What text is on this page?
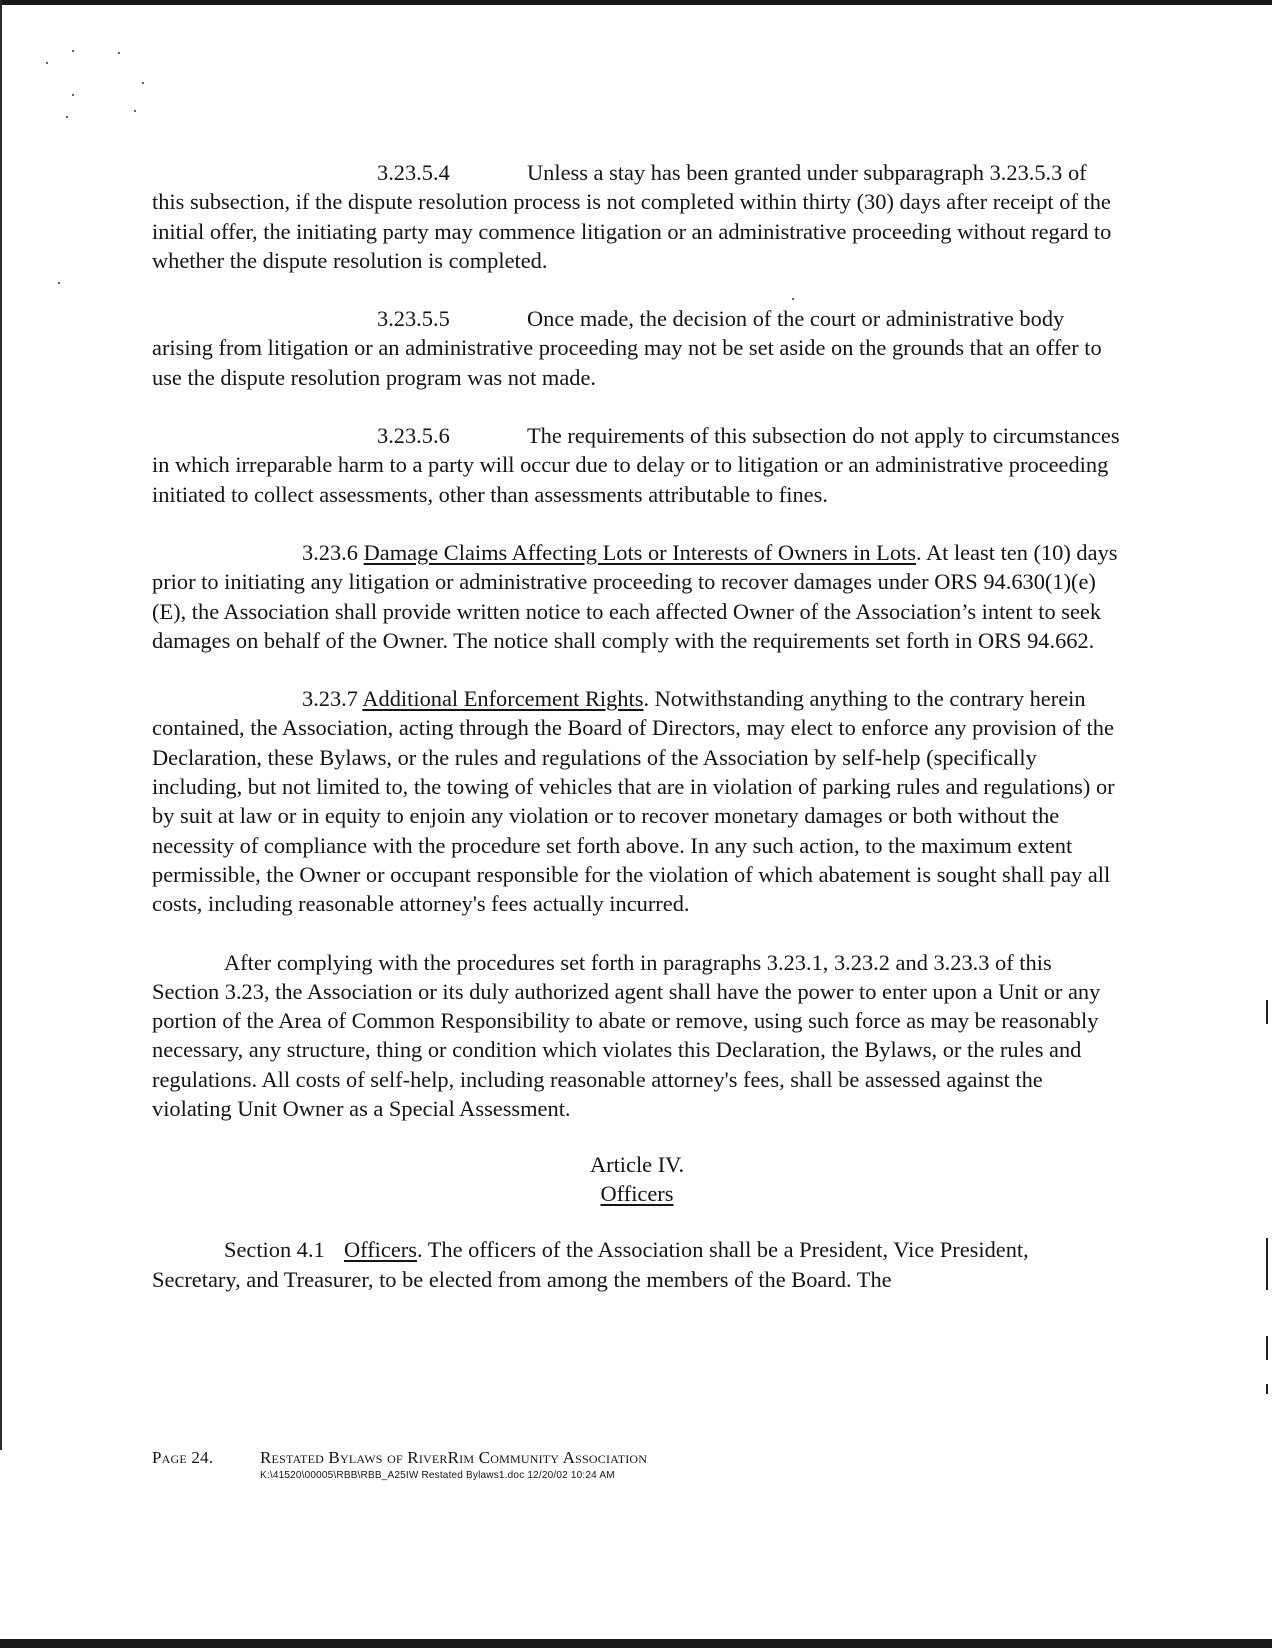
3.23.5.4	Unless a stay has been granted under subparagraph 3.23.5.3 of this subsection, if the dispute resolution process is not completed within thirty (30) days after receipt of the initial offer, the initiating party may commence litigation or an administrative proceeding without regard to whether the dispute resolution is completed.

3.23.5.5	Once made, the decision of the court or administrative body arising from litigation or an administrative proceeding may not be set aside on the grounds that an offer to use the dispute resolution program was not made.

3.23.5.6	The requirements of this subsection do not apply to circumstances in which irreparable harm to a party will occur due to delay or to litigation or an administrative proceeding initiated to collect assessments, other than assessments attributable to fines.

3.23.6 Damage Claims Affecting Lots or Interests of Owners in Lots. At least ten (10) days prior to initiating any litigation or administrative proceeding to recover damages under ORS 94.630(1)(e)(E), the Association shall provide written notice to each affected Owner of the Association’s intent to seek damages on behalf of the Owner. The notice shall comply with the requirements set forth in ORS 94.662.

3.23.7 Additional Enforcement Rights. Notwithstanding anything to the contrary herein contained, the Association, acting through the Board of Directors, may elect to enforce any provision of the Declaration, these Bylaws, or the rules and regulations of the Association by self-help (specifically including, but not limited to, the towing of vehicles that are in violation of parking rules and regulations) or by suit at law or in equity to enjoin any violation or to recover monetary damages or both without the necessity of compliance with the procedure set forth above. In any such action, to the maximum extent permissible, the Owner or occupant responsible for the violation of which abatement is sought shall pay all costs, including reasonable attorney's fees actually incurred.

After complying with the procedures set forth in paragraphs 3.23.1, 3.23.2 and 3.23.3 of this Section 3.23, the Association or its duly authorized agent shall have the power to enter upon a Unit or any portion of the Area of Common Responsibility to abate or remove, using such force as may be reasonably necessary, any structure, thing or condition which violates this Declaration, the Bylaws, or the rules and regulations. All costs of self-help, including reasonable attorney's fees, shall be assessed against the violating Unit Owner as a Special Assessment.

Article IV.
Officers

Section 4.1 Officers. The officers of the Association shall be a President, Vice President, Secretary, and Treasurer, to be elected from among the members of the Board. The

Page 24.	Restated Bylaws of RiverRim Community Association
K:\41520\00005\RBB\RBB_A25IW Restated Bylaws1.doc 12/20/02 10:24 AM
